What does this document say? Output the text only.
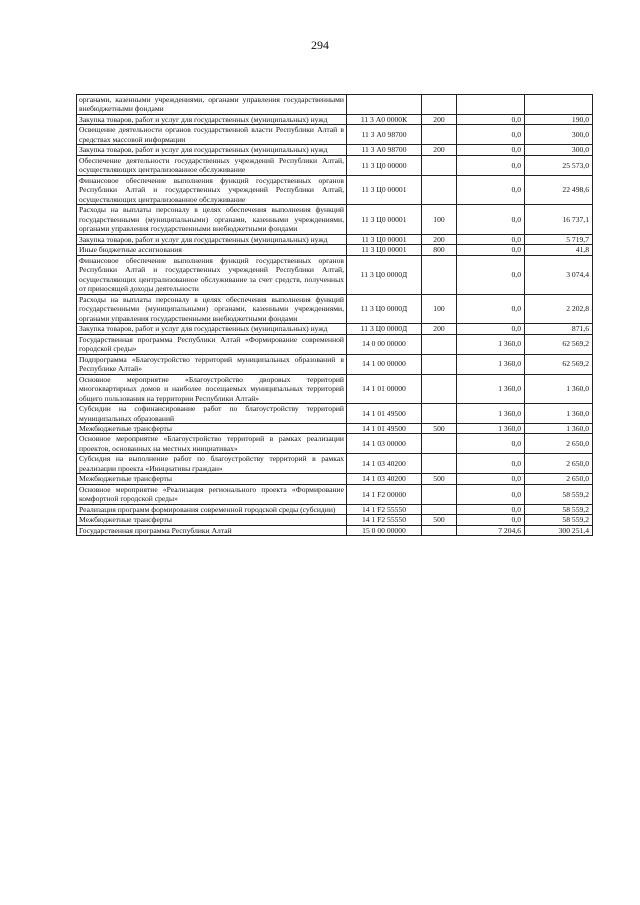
294
органами, казенными учреждениями, органами управления государственными внебюджетными фондами				
Закупка товаров, работ и услуг для государственных (муниципальных) нужд	11 3 А0 0000К	200	0,0	190,0
Освещение деятельности органов государственной власти Республики Алтай в средствах массовой информации	11 3 А0 98700		0,0	300,0
Закупка товаров, работ и услуг для государственных (муниципальных) нужд	11 3 А0 98700	200	0,0	300,0
Обеспечение деятельности государственных учреждений Республики Алтай, осуществляющих централизованное обслуживание	11 3 Ц0 00000		0,0	25 573,0
Финансовое обеспечение выполнения функций государственных органов Республики Алтай и государственных учреждений Республики Алтай, осуществляющих централизованное обслуживание	11 3 Ц0 00001		0,0	22 498,6
Расходы на выплаты персоналу в целях обеспечения выполнения функций государственными (муниципальными) органами, казенными учреждениями, органами управления государственными внебюджетными фондами	11 3 Ц0 00001	100	0,0	16 737,1
Закупка товаров, работ и услуг для государственных (муниципальных) нужд	11 3 Ц0 00001	200	0,0	5 719,7
Иные бюджетные ассигнования	11 3 Ц0 00001	800	0,0	41,8
Финансовое обеспечение выполнения функций государственных органов Республики Алтай и государственных учреждений Республики Алтай, осуществляющих централизованное обслуживание за счет средств, полученных от приносящей доходы деятельности	11 3 Ц0 0000Д		0,0	3 074,4
Расходы на выплаты персоналу в целях обеспечения выполнения функций государственными (муниципальными) органами, казенными учреждениями, органами управления государственными внебюджетными фондами	11 3 Ц0 0000Д	100	0,0	2 202,8
Закупка товаров, работ и услуг для государственных (муниципальных) нужд	11 3 Ц0 0000Д	200	0,0	871,6
Государственная программа Республики Алтай «Формирование современной городской среды»	14 0 00 00000		1 360,0	62 569,2
Подпрограмма «Благоустройство территорий муниципальных образований в Республике Алтай»	14 1 00 00000		1 360,0	62 569,2
Основное мероприятие «Благоустройство дворовых территорий многоквартирных домов и наиболее посещаемых муниципальных территорий общего пользования на территории Республики Алтай»	14 1 01 00000		1 360,0	1 360,0
Субсидии на софинансирование работ по благоустройству территорий муниципальных образований	14 1 01 49500		1 360,0	1 360,0
Межбюджетные трансферты	14 1 01 49500	500	1 360,0	1 360,0
Основное мероприятие «Благоустройство территорий в рамках реализации проектов, основанных на местных инициативах»	14 1 03 00000		0,0	2 650,0
Субсидия на выполнение работ по благоустройству территорий в рамках реализации проекта «Инициативы граждан»	14 1 03 40200		0,0	2 650,0
Межбюджетные трансферты	14 1 03 40200	500	0,0	2 650,0
Основное мероприятие «Реализация регионального проекта «Формирование комфортной городской среды»	14 1 F2 00000		0,0	58 559,2
Реализация программ формирования современной городской среды (субсидии)	14 1 F2 55550		0,0	58 559,2
Межбюджетные трансферты	14 1 F2 55550	500	0,0	58 559,2
Государственная программа Республики Алтай	15 0 00 00000		7 204,6	300 251,4
